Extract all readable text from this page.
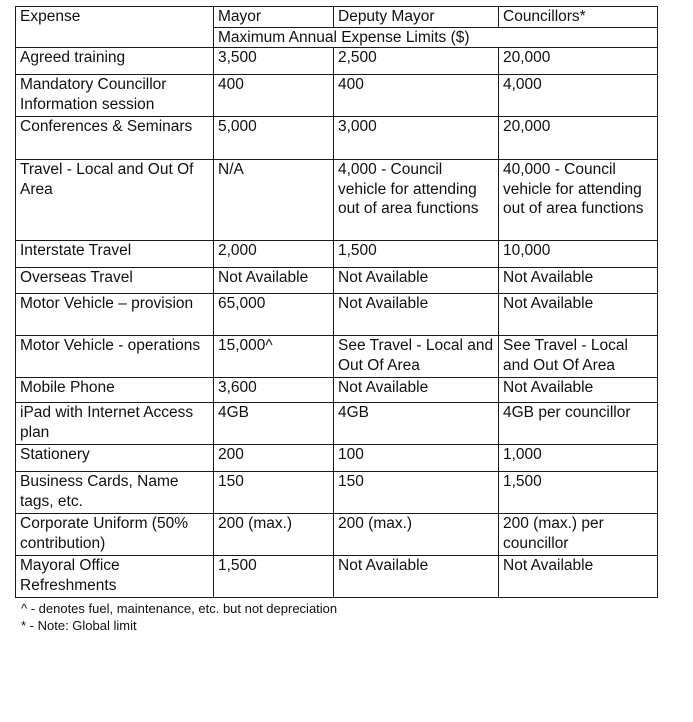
Expense	Mayor	Deputy Mayor	Councillors*
	Maximum Annual Expense Limits ($)		
Agreed training	3,500	2,500	20,000
Mandatory Councillor Information session	400	400	4,000
Conferences & Seminars	5,000	3,000	20,000
Travel - Local and Out Of Area	N/A	4,000 - Council vehicle for attending out of area functions	40,000 - Council vehicle for attending out of area functions
Interstate Travel	2,000	1,500	10,000
Overseas Travel	Not Available	Not Available	Not Available
Motor Vehicle – provision	65,000	Not Available	Not Available
Motor Vehicle - operations	15,000^	See Travel - Local and Out Of Area	See Travel - Local and Out Of Area
Mobile Phone	3,600	Not Available	Not Available
iPad with Internet Access plan	4GB	4GB	4GB per councillor
Stationery	200	100	1,000
Business Cards, Name tags, etc.	150	150	1,500
Corporate Uniform (50% contribution)	200 (max.)	200 (max.)	200 (max.) per councillor
Mayoral Office Refreshments	1,500	Not Available	Not Available
^ - denotes fuel, maintenance, etc. but not depreciation
* - Note: Global limit
